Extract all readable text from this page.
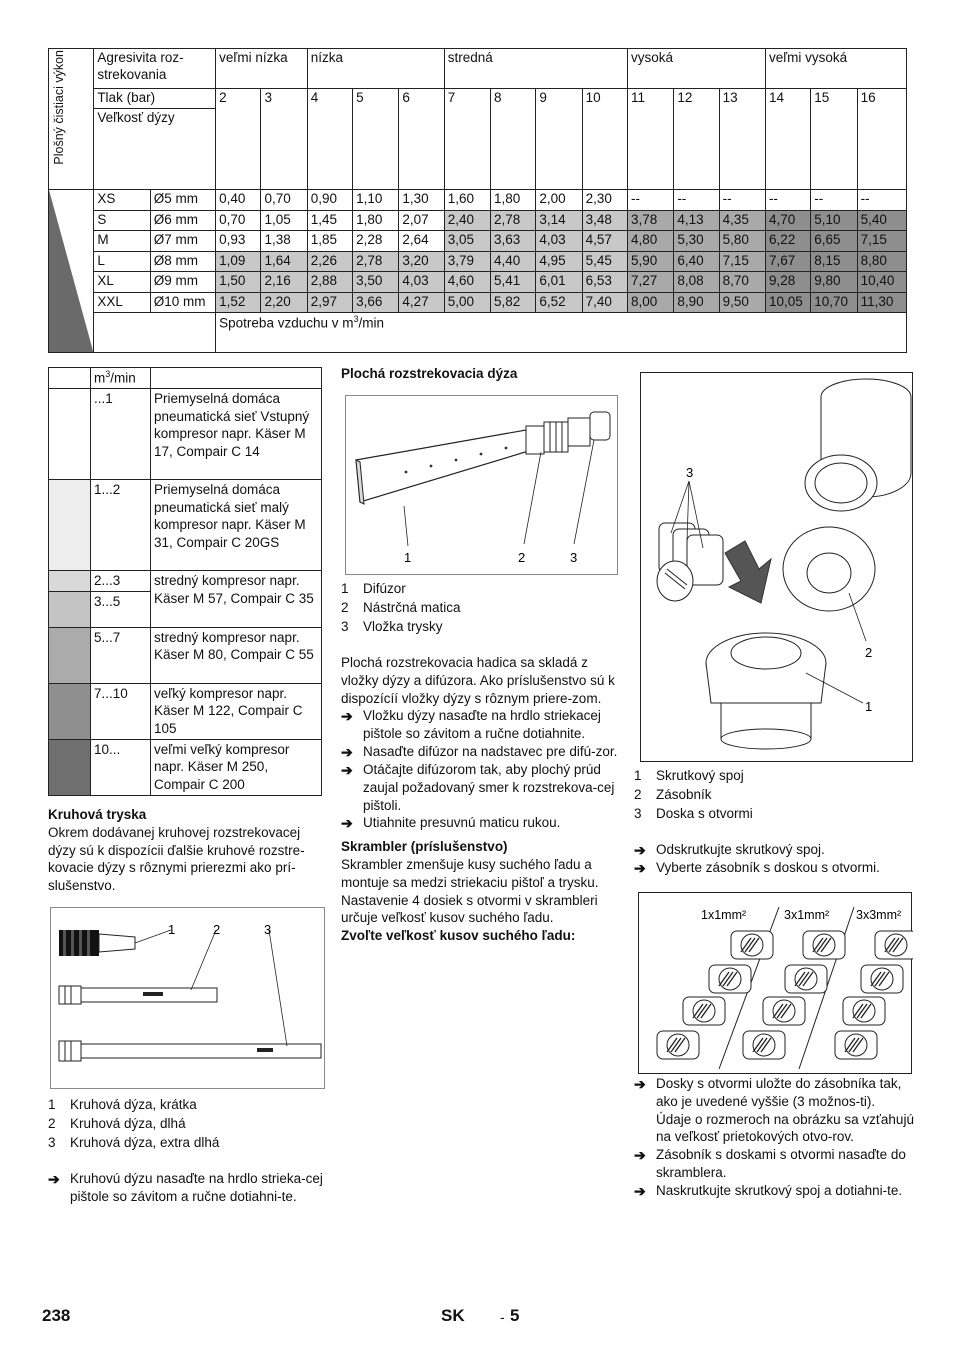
Plošný čistiaci výkon	Agresivita roz-strekovania		veľmi nízka		nízka			stredná				vysoká			veľmi vysoká		
	Tlak (bar)		2	3	4	5	6	7	8	9	10	11	12	13	14	15	16
	Veľkosť dýzy																

	XS	Ø5 mm	0,40	0,70	0,90	1,10	1,30	1,60	1,80	2,00	2,30	--	--	--	--	--	--
	S	Ø6 mm	0,70	1,05	1,45	1,80	2,07	2,40	2,78	3,14	3,48	3,78	4,13	4,35	4,70	5,10	5,40
	M	Ø7 mm	0,93	1,38	1,85	2,28	2,64	3,05	3,63	4,03	4,57	4,80	5,30	5,80	6,22	6,65	7,15
	L	Ø8 mm	1,09	1,64	2,26	2,78	3,20	3,79	4,40	4,95	5,45	5,90	6,40	7,15	7,67	8,15	8,80
	XL	Ø9 mm	1,50	2,16	2,88	3,50	4,03	4,60	5,41	6,01	6,53	7,27	8,08	8,70	9,28	9,80	10,40
	XXL	Ø10 mm	1,52	2,20	2,97	3,66	4,27	5,00	5,82	6,52	7,40	8,00	8,90	9,50	10,05	10,70	11,30
			Spotreba vzduchu v $m^3/\min$														
	$m^3/\min$	
	...1	Priemyselná domáca pneumatická sieť Vstupný kompresor napr. Käser M 17, Compair C 14
	1...2	Priemyselná domáca pneumatická sieť malý kompresor napr. Käser M 31, Compair C 20GS
	2...3	stredný kompresor napr. Käser M 57, Compair C 35
	3...5	
	5...7	stredný kompresor napr. Käser M 80, Compair C 55
	7...10	veľký kompresor napr. Käser M 122, Compair C 105
	10...	veľmi veľký kompresor napr. Käser M 250, Compair C 200
Kruhová tryska

Okrem dodávanej kruhovej rozstrekovacej dýzy sú k dispozícii ďalšie kruhové rozstre-kovacie dýzy s rôznymi prierezmi ako prí-slušenstvo.

1	2	3
1 Kruhová dýza, krátka
2 Kruhová dýza, dlhá
3 Kruhová dýza, extra dlhá
➔ Kruhovú dýzu nasaďte na hrdlo strieka-cej pištole so závitom a ručne dotiahni-te.
Plochá rozstrekovacia dýza
1	2	3
1 Difúzor
2 Nástrčná matica
3 Vložka trysky

Plochá rozstrekovacia hadica sa skladá z vložky dýzy a difúzora. Ako príslušenstvo sú k dispozícíí vložky dýzy s rôznym priere-zom.

➔ Vložku dýzy nasaďte na hrdlo striekacej pištole so závitom a ručne dotiahnite.
➔ Nasaďte difúzor na nadstavec pre difú-zor.
➔ Otáčajte difúzorom tak, aby plochý prúd zaujal požadovaný smer k rozstrekova-cej pištoli.
➔ Utiahnite presuvnú maticu rukou.
Skrambler (príslušenstvo)

Skrambler zmenšuje kusy suchého ľadu a montuje sa medzi striekaciu pištoľ a trysku. Nastavenie 4 dosiek s otvormi v skrambleri určuje veľkosť kusov suchého ľadu.

Zvoľte veľkosť kusov suchého ľadu:
3
2
1
1 Skrutkový spoj
2 Zásobník
3 Doska s otvormi
➔ Odskrutkujte skrutkový spoj.
➔ Vyberte zásobník s doskou s otvormi.
1x1mm²	3x1mm² 3x3mm²
➔ Dosky s otvormi uložte do zásobníka tak, ako je uvedené vyššie (3 možnos-ti). Údaje o rozmeroch na obrázku sa vzťahujú na veľkosť prietokových otvo-rov.
➔ Zásobník s doskami s otvormi nasaďte do skramblera.
➔ Naskrutkujte skrutkový spoj a dotiahni-te.
238	SK	- 5
